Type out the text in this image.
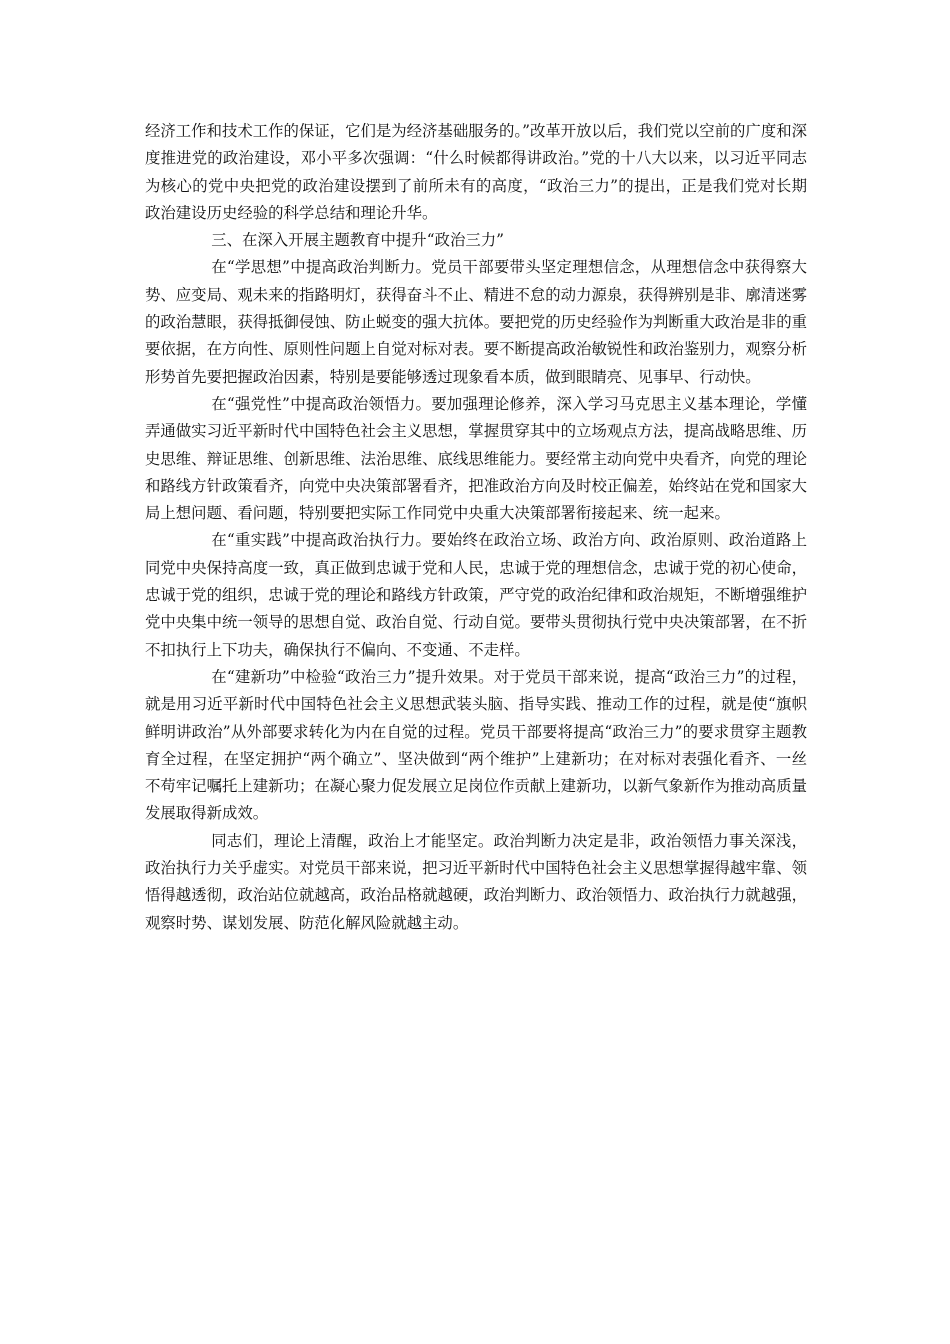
经济工作和技术工作的保证，它们是为经济基础服务的。”改革开放以后，我们党以空前的广度和深度推进党的政治建设，邓小平多次强调：“什么时候都得讲政治。”党的十八大以来，以习近平同志为核心的党中央把党的政治建设摆到了前所未有的高度，“政治三力”的提出，正是我们党对长期政治建设历史经验的科学总结和理论升华。

三、在深入开展主题教育中提升“政治三力”

在“学思想”中提高政治判断力。党员干部要带头坚定理想信念，从理想信念中获得察大势、应变局、观未来的指路明灯，获得奋斗不止、精进不怠的动力源泉，获得辨别是非、廓清迷雾的政治慧眼，获得抵御侵蚀、防止蜕变的强大抗体。要把党的历史经验作为判断重大政治是非的重要依据，在方向性、原则性问题上自觉对标对表。要不断提高政治敏锐性和政治鉴别力，观察分析形势首先要把握政治因素，特别是要能够透过现象看本质，做到眼睛亮、见事早、行动快。

在“强党性”中提高政治领悟力。要加强理论修养，深入学习马克思主义基本理论，学懂弄通做实习近平新时代中国特色社会主义思想，掌握贯穿其中的立场观点方法，提高战略思维、历史思维、辩证思维、创新思维、法治思维、底线思维能力。要经常主动向党中央看齐，向党的理论和路线方针政策看齐，向党中央决策部署看齐，把准政治方向及时校正偏差，始终站在党和国家大局上想问题、看问题，特别要把实际工作同党中央重大决策部署衔接起来、统一起来。

在“重实践”中提高政治执行力。要始终在政治立场、政治方向、政治原则、政治道路上同党中央保持高度一致，真正做到忠诚于党和人民，忠诚于党的理想信念，忠诚于党的初心使命，忠诚于党的组织，忠诚于党的理论和路线方针政策，严守党的政治纪律和政治规矩，不断增强维护党中央集中统一领导的思想自觉、政治自觉、行动自觉。要带头贯彻执行党中央决策部署，在不折不扣执行上下功夫，确保执行不偏向、不变通、不走样。

在“建新功”中检验“政治三力”提升效果。对于党员干部来说，提高“政治三力”的过程，就是用习近平新时代中国特色社会主义思想武装头脑、指导实践、推动工作的过程，就是使“旗帜鲜明讲政治”从外部要求转化为内在自觉的过程。党员干部要将提高“政治三力”的要求贯穿主题教育全过程，在坚定拥护“两个确立”、坚决做到“两个维护”上建新功；在对标对表强化看齐、一丝不苟牢记嘱托上建新功；在凝心聚力促发展立足岗位作贡献上建新功，以新气象新作为推动高质量发展取得新成效。

同志们，理论上清醒，政治上才能坚定。政治判断力决定是非，政治领悟力事关深浅，政治执行力关乎虚实。对党员干部来说，把习近平新时代中国特色社会主义思想掌握得越牢靠、领悟得越透彻，政治站位就越高，政治品格就越硬，政治判断力、政治领悟力、政治执行力就越强，观察时势、谋划发展、防范化解风险就越主动。
